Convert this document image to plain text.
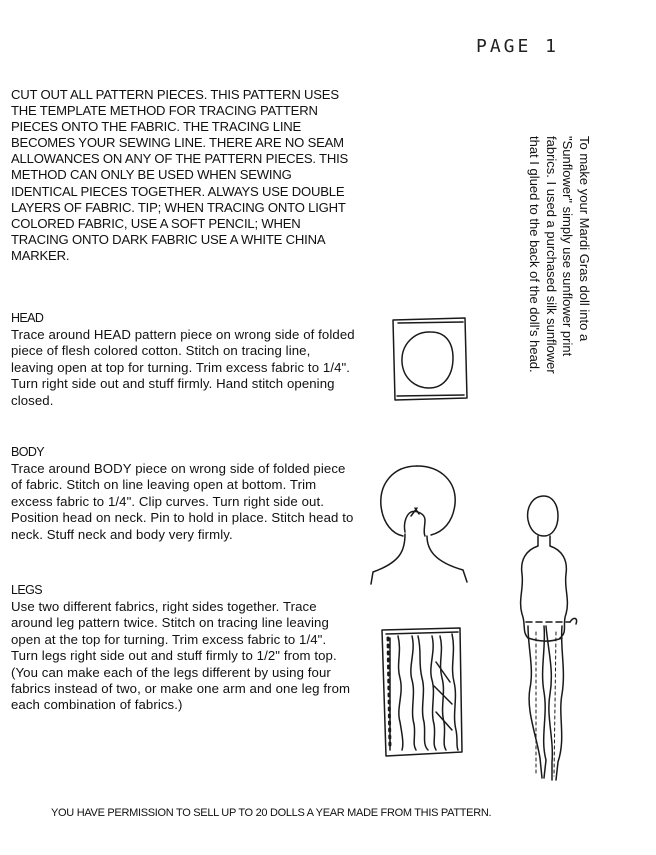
PAGE 1

CUT OUT ALL PATTERN PIECES. THIS PATTERN USES THE TEMPLATE METHOD FOR TRACING PATTERN PIECES ONTO THE FABRIC. THE TRACING LINE BECOMES YOUR SEWING LINE. THERE ARE NO SEAM ALLOWANCES ON ANY OF THE PATTERN PIECES. THIS METHOD CAN ONLY BE USED WHEN SEWING IDENTICAL PIECES TOGETHER. ALWAYS USE DOUBLE LAYERS OF FABRIC. TIP; WHEN TRACING ONTO LIGHT COLORED FABRIC, USE A SOFT PENCIL; WHEN TRACING ONTO DARK FABRIC USE A WHITE CHINA MARKER.

HEAD

Trace around HEAD pattern piece on wrong side of folded piece of flesh colored cotton. Stitch on tracing line, leaving open at top for turning. Trim excess fabric to 1/4". Turn right side out and stuff firmly. Hand stitch opening closed.

BODY

Trace around BODY piece on wrong side of folded piece of fabric. Stitch on line leaving open at bottom. Trim excess fabric to 1/4". Clip curves. Turn right side out. Position head on neck. Pin to hold in place. Stitch head to neck. Stuff neck and body very firmly.

LEGS

Use two different fabrics, right sides together. Trace around leg pattern twice. Stitch on tracing line leaving open at the top for turning. Trim excess fabric to 1/4". Turn legs right side out and stuff firmly to 1/2" from top. (You can make each of the legs different by using four fabrics instead of two, or make one arm and one leg from each combination of fabrics.)

To make your Mardi Gras doll into a
"Sunflower" simply use sunflower print
fabrics. I used a purchased silk sunflower
that I glued to the back of the doll's head.

YOU HAVE PERMISSION TO SELL UP TO 20 DOLLS A YEAR MADE FROM THIS PATTERN.
